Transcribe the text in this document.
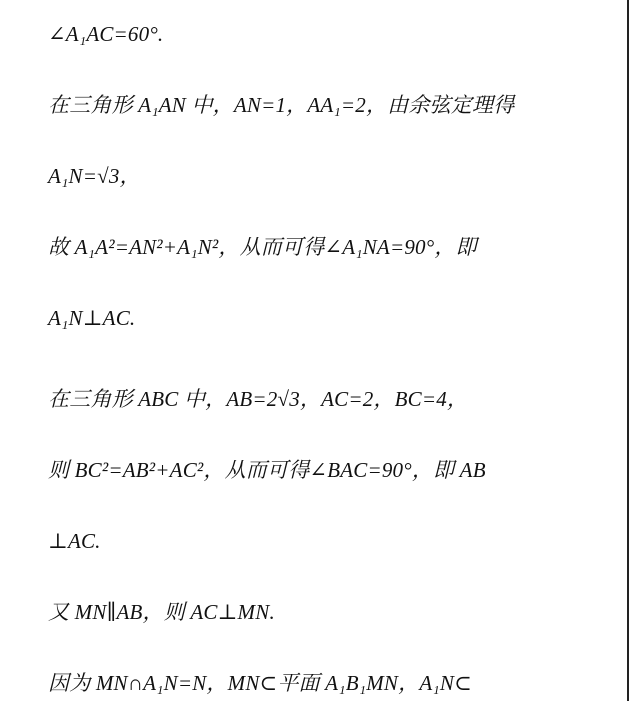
∠A₁AC=60°.
在三角形 A₁AN 中，AN=1，AA₁=2，由余弦定理得
A₁N=√3，
故 A₁A²=AN²+A₁N²，从而可得∠A₁NA=90°，即
A₁N⊥AC.
在三角形 ABC 中，AB=2√3，AC=2，BC=4，
则 BC²=AB²+AC²，从而可得∠BAC=90°，即 AB
⊥AC.
又 MN∥AB，则 AC⊥MN.
因为 MN∩A₁N=N，MN⊂平面 A₁B₁MN，A₁N⊂
